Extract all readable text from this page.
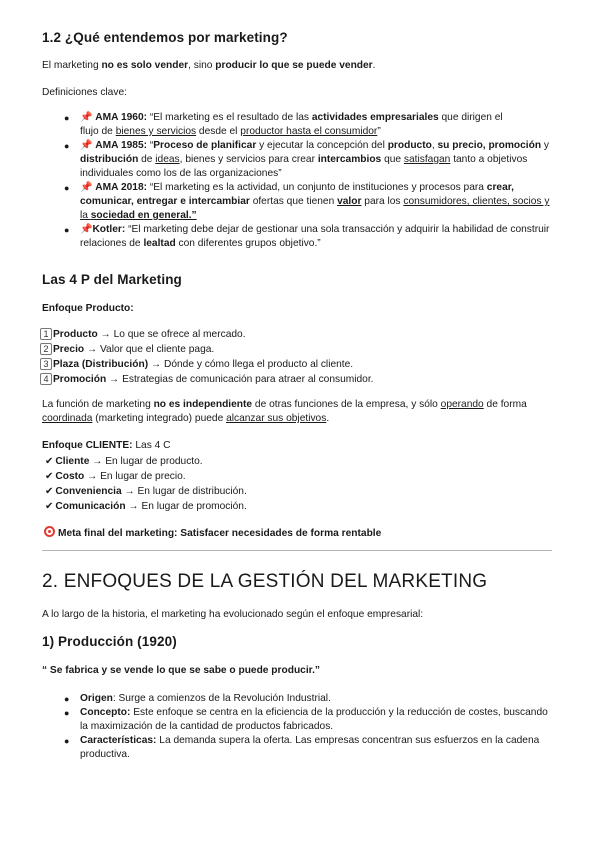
1.2 ¿Qué entendemos por marketing?

El marketing no es solo vender, sino producir lo que se puede vender.

Definiciones clave:

● 📌 AMA 1960: “El marketing es el resultado de las actividades empresariales que dirigen el
flujo de bienes y servicios desde el productor hasta el consumidor”
● 📌 AMA 1985: “Proceso de planificar y ejecutar la concepción del producto, su precio, promoción y distribución de ideas, bienes y servicios para crear intercambios que satisfagan tanto a objetivos individuales como los de las organizaciones”
● 📌 AMA 2018: “El marketing es la actividad, un conjunto de instituciones y procesos para crear, comunicar, entregar e intercambiar ofertas que tienen valor para los consumidores, clientes, socios y la sociedad en general.”
● 📌Kotler: “El marketing debe dejar de gestionar una sola transacción y adquirir la habilidad de construir relaciones de lealtad con diferentes grupos objetivo.”
Las 4 P del Marketing

Enfoque Producto:

1 Producto → Lo que se ofrece al mercado.
2 Precio → Valor que el cliente paga.
3 Plaza (Distribución) → Dónde y cómo llega el producto al cliente.
4 Promoción → Estrategias de comunicación para atraer al consumidor.

La función de marketing no es independiente de otras funciones de la empresa, y sólo operando de forma coordinada (marketing integrado) puede alcanzar sus objetivos.

Enfoque CLIENTE: Las 4 C

✔ Cliente → En lugar de producto.
✔ Costo → En lugar de precio.
✔ Conveniencia → En lugar de distribución.
✔ Comunicación → En lugar de promoción.

Meta final del marketing: Satisfacer necesidades de forma rentable

2. ENFOQUES DE LA GESTIÓN DEL MARKETING

A lo largo de la historia, el marketing ha evolucionado según el enfoque empresarial:

1) Producción (1920)

“ Se fabrica y se vende lo que se sabe o puede producir.”

● Origen: Surge a comienzos de la Revolución Industrial.
● Concepto: Este enfoque se centra en la eficiencia de la producción y la reducción de costes, buscando la maximización de la cantidad de productos fabricados.
● Características: La demanda supera la oferta. Las empresas concentran sus esfuerzos en la cadena productiva.
